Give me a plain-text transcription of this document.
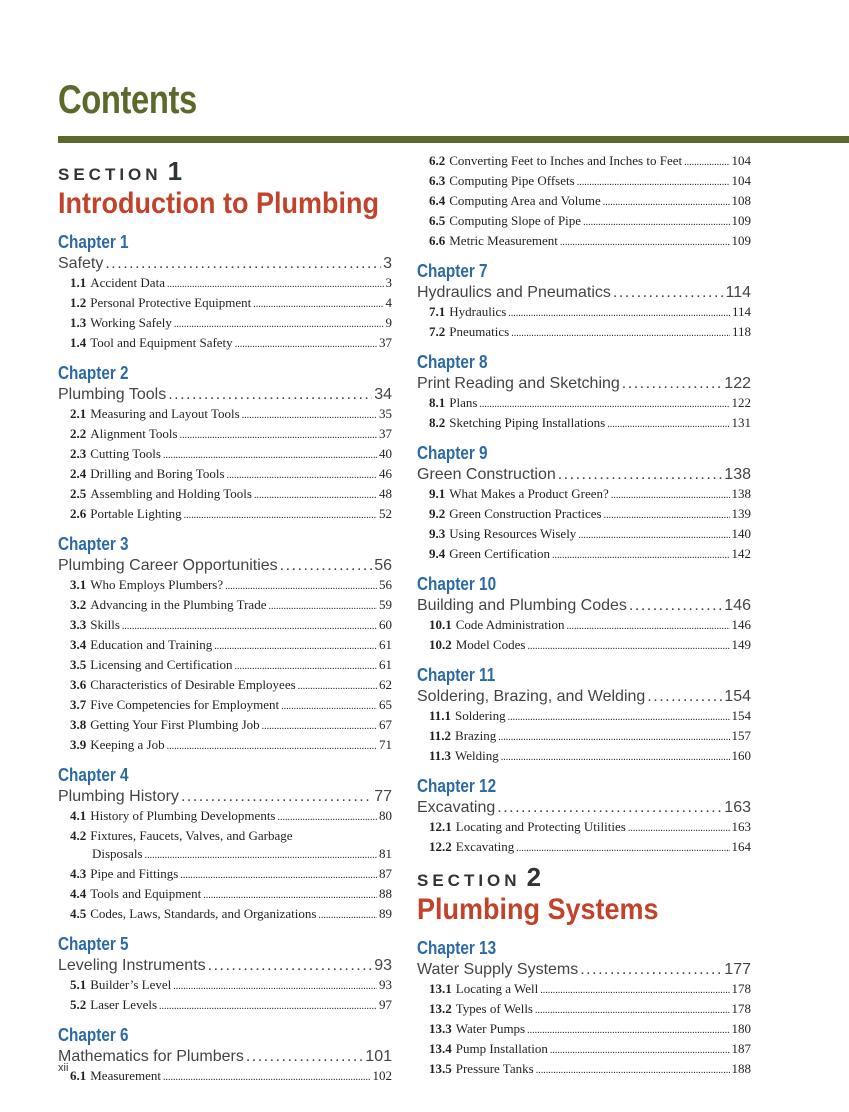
Contents
SECTION 1
Introduction to Plumbing
Chapter 1
Safety .....	3
1.1 Accident Data .....	3
1.2 Personal Protective Equipment .....	4
1.3 Working Safely .....	9
1.4 Tool and Equipment Safety .....	37
Chapter 2
Plumbing Tools .....	34
2.1 Measuring and Layout Tools .....	35
2.2 Alignment Tools .....	37
2.3 Cutting Tools .....	40
2.4 Drilling and Boring Tools .....	46
2.5 Assembling and Holding Tools .....	48
2.6 Portable Lighting .....	52
Chapter 3
Plumbing Career Opportunities .....	56
3.1 Who Employs Plumbers? .....	56
3.2 Advancing in the Plumbing Trade .....	59
3.3 Skills .....	60
3.4 Education and Training .....	61
3.5 Licensing and Certification .....	61
3.6 Characteristics of Desirable Employees .....	62
3.7 Five Competencies for Employment .....	65
3.8 Getting Your First Plumbing Job .....	67
3.9 Keeping a Job .....	71
Chapter 4
Plumbing History .....	77
4.1 History of Plumbing Developments .....	80
4.2 Fixtures, Faucets, Valves, and Garbage
Disposals .....	81
4.3 Pipe and Fittings .....	87
4.4 Tools and Equipment .....	88
4.5 Codes, Laws, Standards, and Organizations .....	89
Chapter 5
Leveling Instruments .....	93
5.1 Builder’s Level .....	93
5.2 Laser Levels .....	97
Chapter 6
Mathematics for Plumbers .....	101
6.1 Measurement .....	102
6.2 Converting Feet to Inches and Inches to Feet .....	104
6.3 Computing Pipe Offsets .....	104
6.4 Computing Area and Volume .....	108
6.5 Computing Slope of Pipe .....	109
6.6 Metric Measurement .....	109
Chapter 7
Hydraulics and Pneumatics .....	114
7.1 Hydraulics .....	114
7.2 Pneumatics .....	118
Chapter 8
Print Reading and Sketching .....	122
8.1 Plans .....	122
8.2 Sketching Piping Installations .....	131
Chapter 9
Green Construction .....	138
9.1 What Makes a Product Green? .....	138
9.2 Green Construction Practices .....	139
9.3 Using Resources Wisely .....	140
9.4 Green Certification .....	142
Chapter 10
Building and Plumbing Codes .....	146
10.1 Code Administration .....	146
10.2 Model Codes .....	149
Chapter 11
Soldering, Brazing, and Welding .....	154
11.1 Soldering .....	154
11.2 Brazing .....	157
11.3 Welding .....	160
Chapter 12
Excavating .....	163
12.1 Locating and Protecting Utilities .....	163
12.2 Excavating .....	164
SECTION 2
Plumbing Systems
Chapter 13
Water Supply Systems .....	177
13.1 Locating a Well .....	178
13.2 Types of Wells .....	178
13.3 Water Pumps .....	180
13.4 Pump Installation .....	187
13.5 Pressure Tanks .....	188
xii
